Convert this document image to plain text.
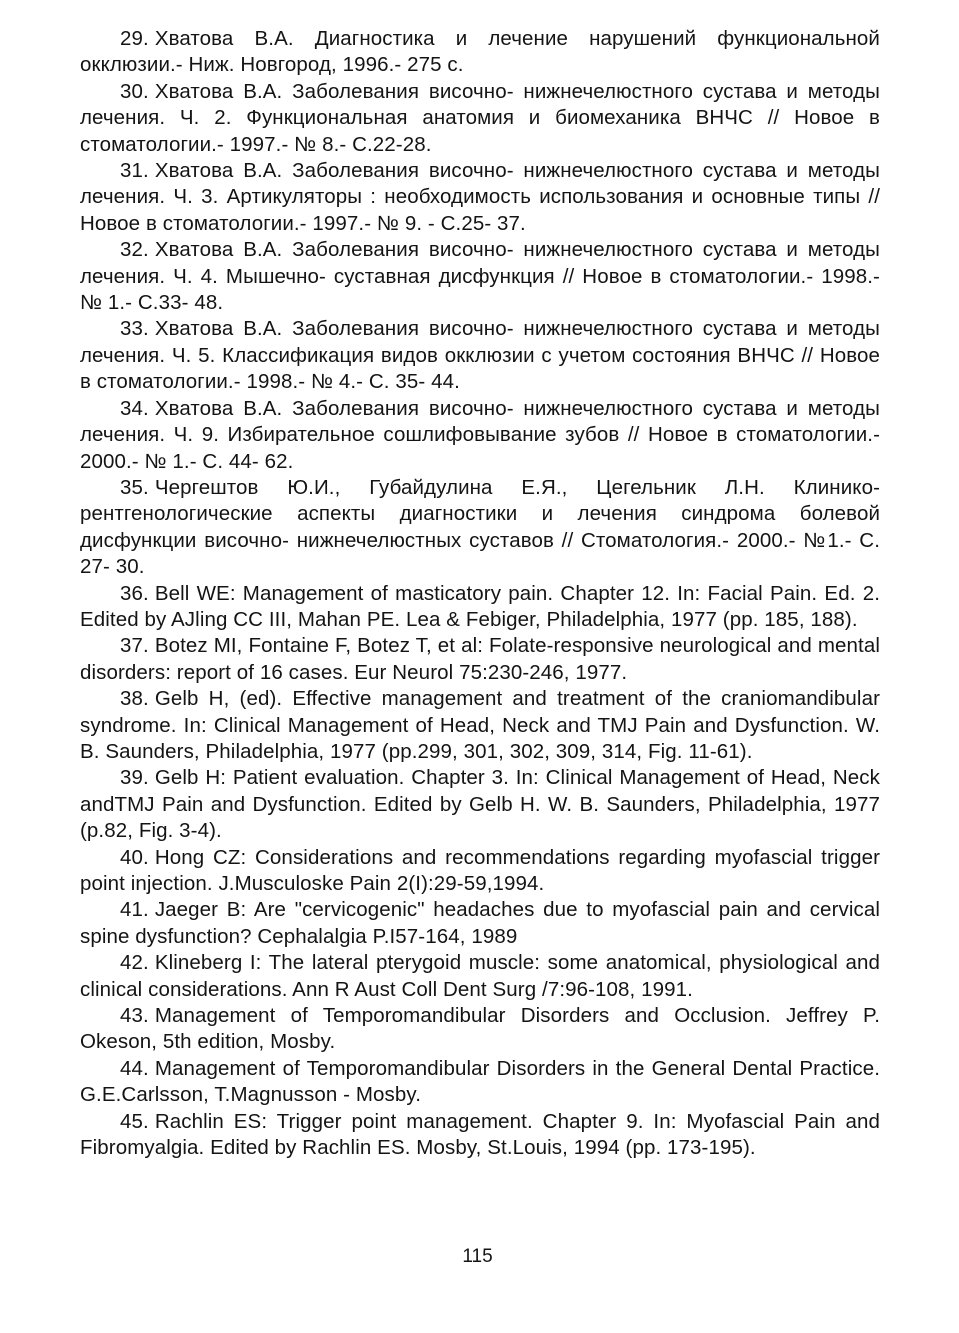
29. Хватова В.А. Диагностика и лечение нарушений функциональной окклюзии.- Ниж. Новгород, 1996.- 275 с.

30. Хватова В.А. Заболевания височно- нижнечелюстного сустава и методы лечения. Ч. 2. Функциональная анатомия и биомеханика ВНЧС // Новое в стоматологии.- 1997.- № 8.- С.22-28.

31. Хватова В.А. Заболевания височно- нижнечелюстного сустава и методы лечения. Ч. 3. Артикуляторы : необходимость использования и основные типы // Новое в стоматологии.- 1997.- № 9. - С.25- 37.

32. Хватова В.А. Заболевания височно- нижнечелюстного сустава и методы лечения. Ч. 4. Мышечно- суставная дисфункция // Новое в стоматологии.- 1998.- № 1.- С.33- 48.

33. Хватова В.А. Заболевания височно- нижнечелюстного сустава и методы лечения. Ч. 5. Классификация видов окклюзии с учетом состояния ВНЧС // Новое в стоматологии.- 1998.- № 4.- С. 35- 44.

34. Хватова В.А. Заболевания височно- нижнечелюстного сустава и методы лечения. Ч. 9. Избирательное сошлифовывание зубов // Новое в стоматологии.- 2000.- № 1.- С. 44- 62.

35. Чергештов Ю.И., Губайдулина Е.Я., Цегельник Л.Н. Клинико- рентгенологические аспекты диагностики и лечения синдрома болевой дисфункции височно- нижнечелюстных суставов // Стоматология.- 2000.- №1.- С. 27- 30.

36. Bell WE: Management of masticatory pain. Chapter 12. In: Facial Pain. Ed. 2. Edited by AJling CC III, Mahan PE. Lea & Febiger, Philadelphia, 1977 (pp. 185, 188).

37. Botez MI, Fontaine F, Botez T, et al: Folate-responsive neurological and mental disorders: report of 16 cases. Eur Neurol 75:230-246, 1977.

38. Gelb H, (ed). Effective management and treatment of the craniomandibular syndrome. In: Clinical Management of Head, Neck and TMJ Pain and Dysfunction. W. B. Saunders, Philadelphia, 1977 (pp.299, 301, 302, 309, 314, Fig. 11-61).

39. Gelb H: Patient evaluation. Chapter 3. In: Clinical Management of Head, Neck andTMJ Pain and Dysfunction. Edited by Gelb H. W. B. Saunders, Philadelphia, 1977 (p.82, Fig. 3-4).

40. Hong CZ: Considerations and recommendations regarding myofascial trigger point injection. J.Musculoske Pain 2(I):29-59,1994.

41. Jaeger B: Are "cervicogenic" headaches due to myofascial pain and cervical spine dysfunction? Cephalalgia P.I57-164, 1989

42. Klineberg I: The lateral pterygoid muscle: some anatomical, physiological and clinical considerations. Ann R Aust Coll Dent Surg /7:96-108, 1991.

43. Management of Temporomandibular Disorders and Occlusion. Jeffrey P. Okeson, 5th edition, Mosby.

44. Management of Temporomandibular Disorders in the General Dental Practice. G.E.Carlsson, T.Magnusson - Mosby.

45. Rachlin ES: Trigger point management. Chapter 9. In: Myofascial Pain and Fibromyalgia. Edited by Rachlin ES. Mosby, St.Louis, 1994 (pp. 173-195).

115
